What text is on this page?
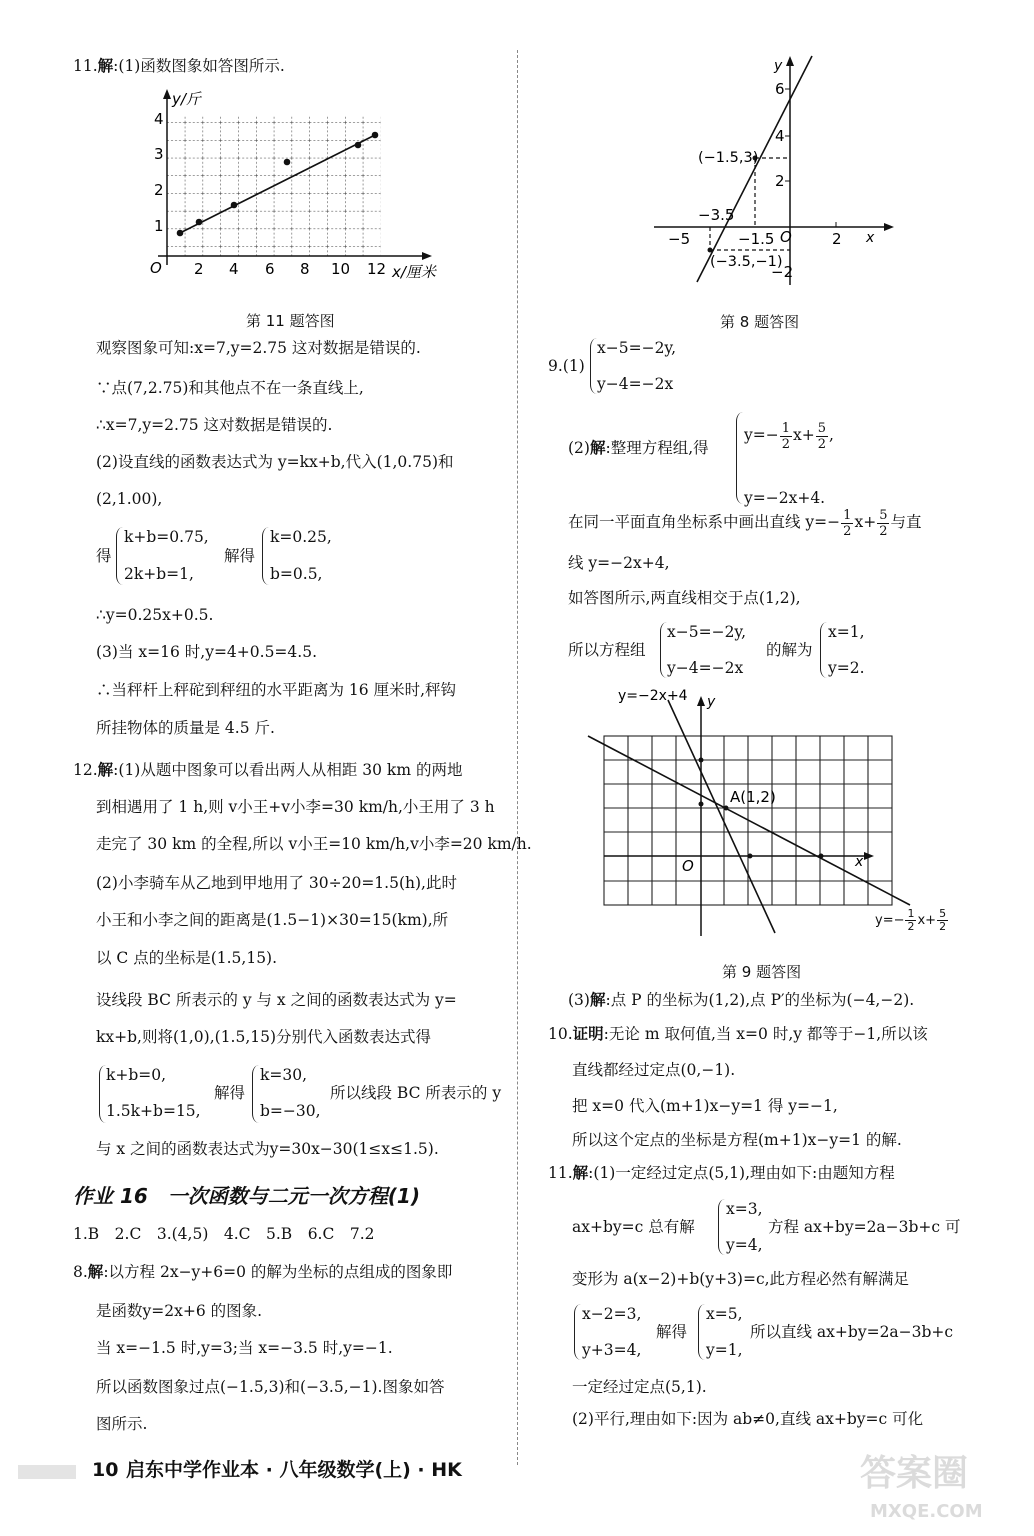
11.解:(1)函数图象如答图所示.
y/斤
1
2
3
4
O 2 4 6 8 10 12 x/厘米
第 11 题答图
观察图象可知:x=7,y=2.75 这对数据是错误的.
∵点(7,2.75)和其他点不在一条直线上,
∴x=7,y=2.75 这对数据是错误的.
(2)设直线的函数表达式为 y=kx+b,代入(1,0.75)和
(2,1.00),
得
k+b=0.75,
2k+b=1,
解得
k=0.25,
b=0.5,
∴y=0.25x+0.5.
(3)当 x=16 时,y=4+0.5=4.5.
∴当秤杆上秤砣到秤纽的水平距离为 16 厘米时,秤钩
所挂物体的质量是 4.5 斤.
12.解:(1)从题中图象可以看出两人从相距 30 km 的两地
到相遇用了 1 h,则 v小王+v小李=30 km/h,小王用了 3 h
走完了 30 km 的全程,所以 v小王=10 km/h,v小李=20 km/h.
(2)小李骑车从乙地到甲地用了 30÷20=1.5(h),此时
小王和小李之间的距离是(1.5−1)×30=15(km),所
以 C 点的坐标是(1.5,15).
设线段 BC 所表示的 y 与 x 之间的函数表达式为 y=
kx+b,则将(1,0),(1.5,15)分别代入函数表达式得
k+b=0,
1.5k+b=15,
解得
k=30,
b=−30,
所以线段 BC 所表示的 y
与 x 之间的函数表达式为y=30x−30(1≤x≤1.5).
作业 16　一次函数与二元一次方程(1)
1.B　2.C　3.(4,5)　4.C　5.B　6.C　7.2
8.解:以方程 2x−y+6=0 的解为坐标的点组成的图象即
是函数y=2x+6 的图象.
当 x=−1.5 时,y=3;当 x=−3.5 时,y=−1.
所以函数图象过点(−1.5,3)和(−3.5,−1).图象如答
图所示.
y
6
4
2
−2
O
−5	−1.5	2 x
−3.5
(−1.5,3)
(−3.5,−1)
第 8 题答图
9.(1)
x−5=−2y,
y−4=−2x
(2)解:整理方程组,得
$y=- \frac{1}{2} x+ \frac{5}{2}$ ,
y=−2x+4.
在同一平面直角坐标系中画出直线 $y=- \frac{1}{2} x+ \frac{5}{2}$ 与直
线 y=−2x+4,
如答图所示,两直线相交于点(1,2),
所以方程组
x−5=−2y,
y−4=−2x
的解为
x=1,
y=2.
y=−2x+4 y
A(1,2)
O	x
$y=- \frac{1}{2} x+ \frac{5}{2}$
第 9 题答图
(3)解:点 P 的坐标为(1,2),点 P′的坐标为(−4,−2).
10.证明:无论 m 取何值,当 x=0 时,y 都等于−1,所以该
直线都经过定点(0,−1).
把 x=0 代入(m+1)x−y=1 得 y=−1,
所以这个定点的坐标是方程(m+1)x−y=1 的解.
11.解:(1)一定经过定点(5,1),理由如下:由题知方程
ax+by=c 总有解
x=3,
y=4,
方程 ax+by=2a−3b+c 可
变形为 a(x−2)+b(y+3)=c,此方程必然有解满足
x−2=3,
y+3=4,
解得
x=5,
y=1,
所以直线 ax+by=2a−3b+c
一定经过定点(5,1).
(2)平行,理由如下:因为 ab≠0,直线 ax+by=c 可化
10 启东中学作业本 · 八年级数学(上) · HK	答案圈
MXQE.COM
